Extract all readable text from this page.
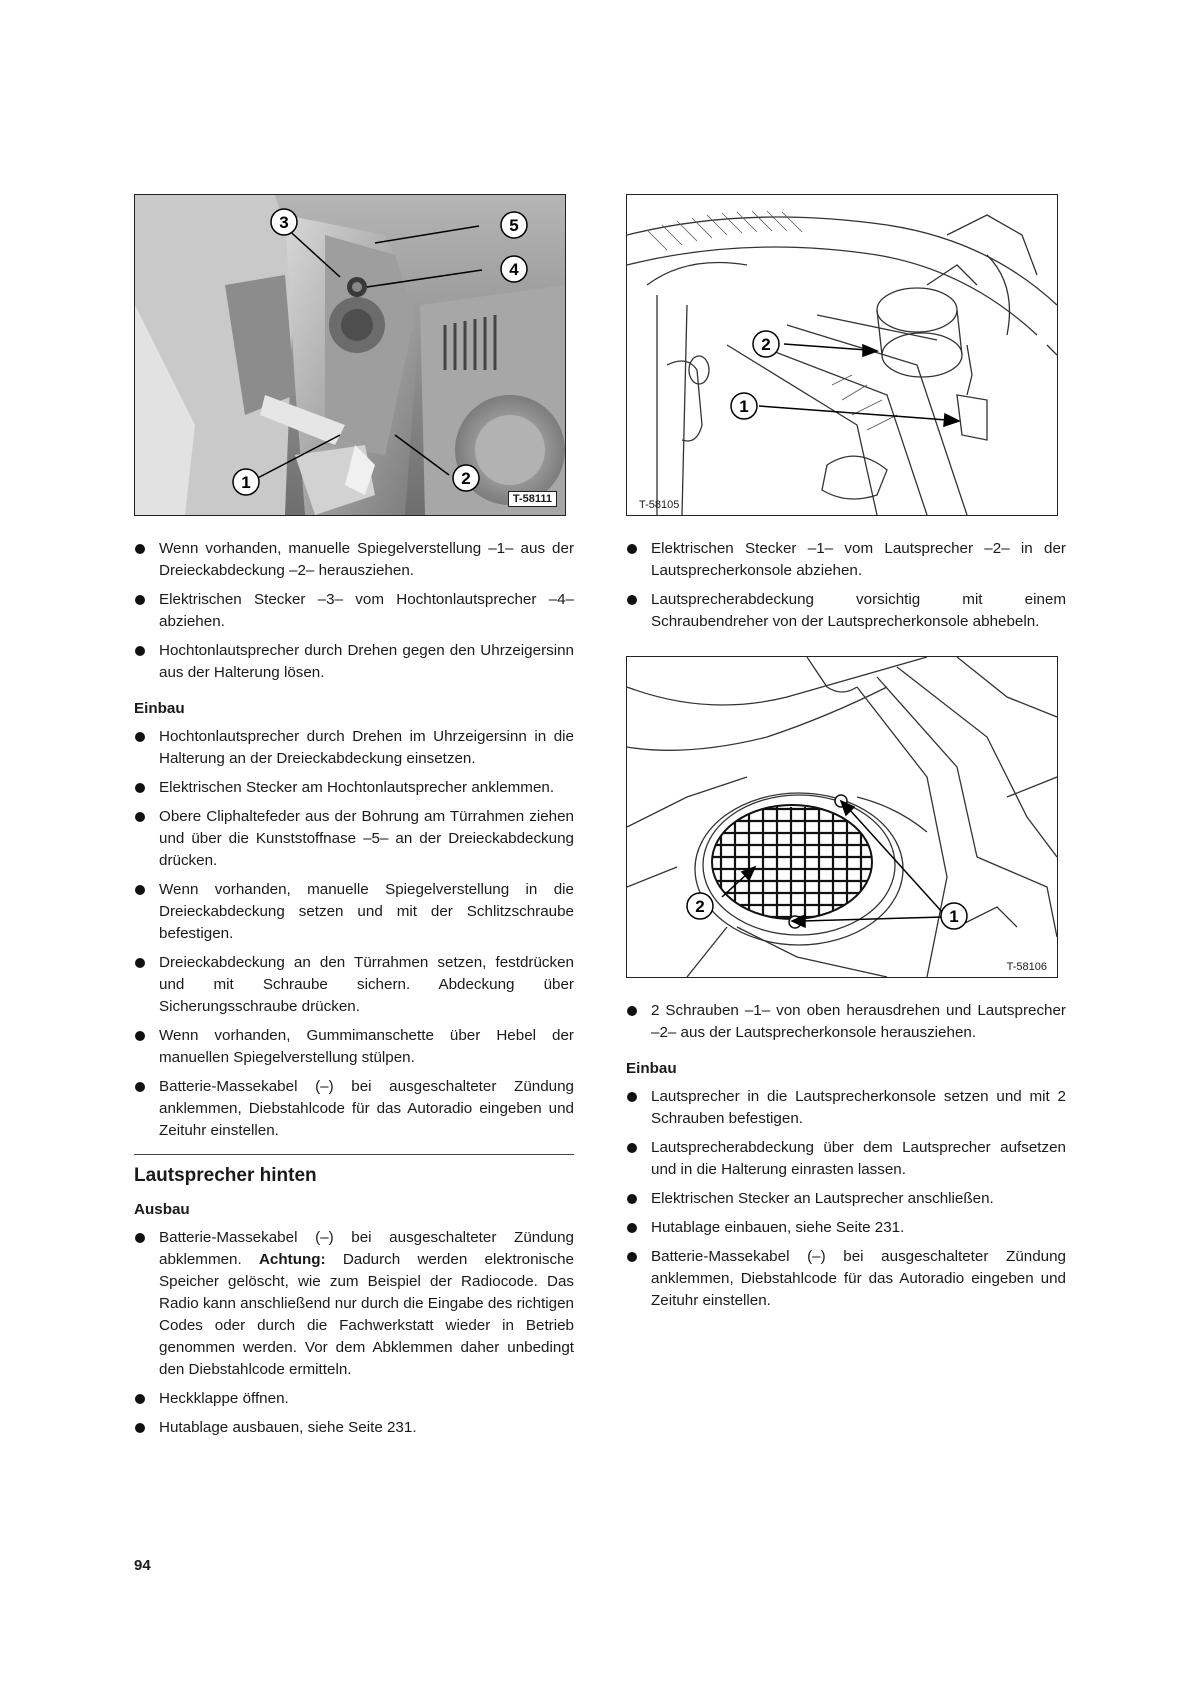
3	5
4
1	2
T-58111
Wenn vorhanden, manuelle Spiegelverstellung –1– aus der Dreieckabdeckung –2– herausziehen.
Elektrischen Stecker –3– vom Hochtonlautsprecher –4– abziehen.
Hochtonlautsprecher durch Drehen gegen den Uhrzeigersinn aus der Halterung lösen.
Einbau
Hochtonlautsprecher durch Drehen im Uhrzeigersinn in die Halterung an der Dreieckabdeckung einsetzen.
Elektrischen Stecker am Hochtonlautsprecher anklemmen.
Obere Cliphaltefeder aus der Bohrung am Türrahmen ziehen und über die Kunststoffnase –5– an der Dreieckabdeckung drücken.
Wenn vorhanden, manuelle Spiegelverstellung in die Dreieckabdeckung setzen und mit der Schlitzschraube befestigen.
Dreieckabdeckung an den Türrahmen setzen, festdrücken und mit Schraube sichern. Abdeckung über Sicherungsschraube drücken.
Wenn vorhanden, Gummimanschette über Hebel der manuellen Spiegelverstellung stülpen.
Batterie-Massekabel (–) bei ausgeschalteter Zündung anklemmen, Diebstahlcode für das Autoradio eingeben und Zeituhr einstellen.
Lautsprecher hinten
Ausbau
Batterie-Massekabel (–) bei ausgeschalteter Zündung abklemmen. Achtung: Dadurch werden elektronische Speicher gelöscht, wie zum Beispiel der Radiocode. Das Radio kann anschließend nur durch die Eingabe des richtigen Codes oder durch die Fachwerkstatt wieder in Betrieb genommen werden. Vor dem Abklemmen daher unbedingt den Diebstahlcode ermitteln.
Heckklappe öffnen.
Hutablage ausbauen, siehe Seite 231.
2
1
T-58105
Elektrischen Stecker –1– vom Lautsprecher –2– in der Lautsprecherkonsole abziehen.
Lautsprecherabdeckung vorsichtig mit einem Schraubendreher von der Lautsprecherkonsole abhebeln.
2
1
T-58106
2 Schrauben –1– von oben herausdrehen und Lautsprecher –2– aus der Lautsprecherkonsole herausziehen.
Einbau
Lautsprecher in die Lautsprecherkonsole setzen und mit 2 Schrauben befestigen.
Lautsprecherabdeckung über dem Lautsprecher aufsetzen und in die Halterung einrasten lassen.
Elektrischen Stecker an Lautsprecher anschließen.
Hutablage einbauen, siehe Seite 231.
Batterie-Massekabel (–) bei ausgeschalteter Zündung anklemmen, Diebstahlcode für das Autoradio eingeben und Zeituhr einstellen.
94
